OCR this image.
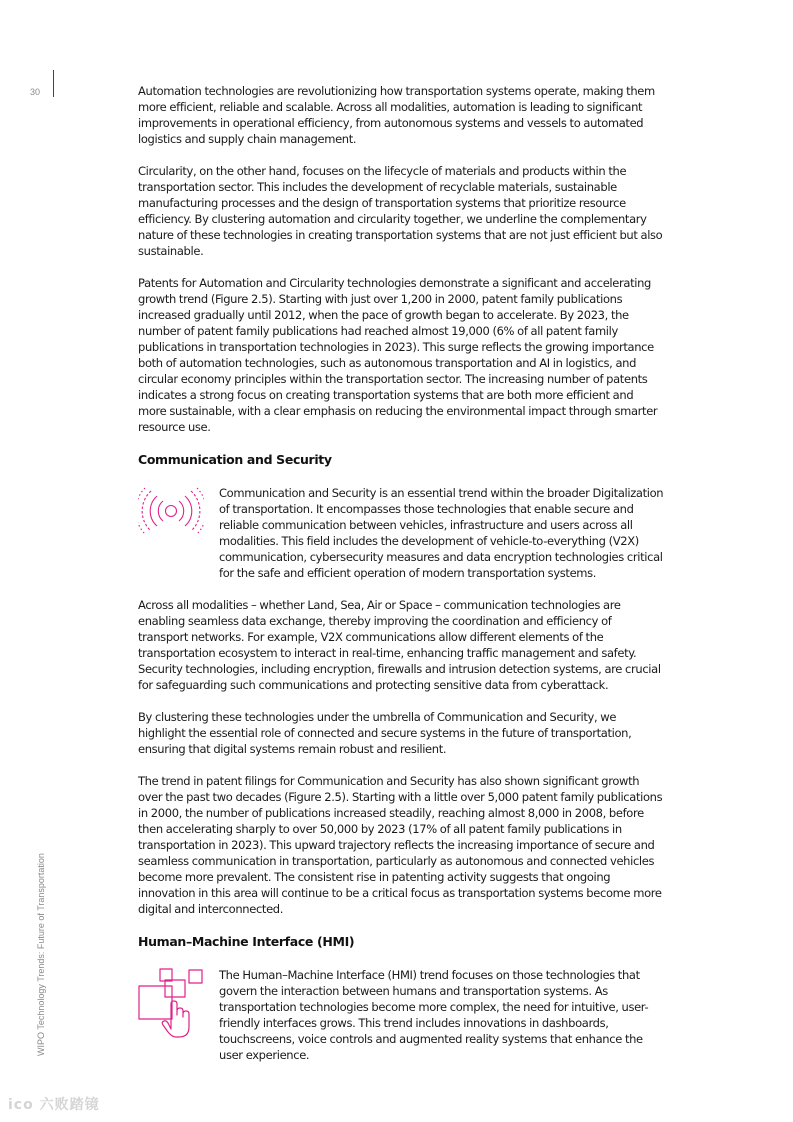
30
WIPO Technology Trends: Future of Transportation

Automation technologies are revolutionizing how transportation systems operate, making them more efficient, reliable and scalable. Across all modalities, automation is leading to significant improvements in operational efficiency, from autonomous systems and vessels to automated logistics and supply chain management.

Circularity, on the other hand, focuses on the lifecycle of materials and products within the transportation sector. This includes the development of recyclable materials, sustainable manufacturing processes and the design of transportation systems that prioritize resource efficiency. By clustering automation and circularity together, we underline the complementary nature of these technologies in creating transportation systems that are not just efficient but also sustainable.

Patents for Automation and Circularity technologies demonstrate a significant and accelerating growth trend (Figure 2.5). Starting with just over 1,200 in 2000, patent family publications increased gradually until 2012, when the pace of growth began to accelerate. By 2023, the number of patent family publications had reached almost 19,000 (6% of all patent family publications in transportation technologies in 2023). This surge reflects the growing importance both of automation technologies, such as autonomous transportation and AI in logistics, and circular economy principles within the transportation sector. The increasing number of patents indicates a strong focus on creating transportation systems that are both more efficient and more sustainable, with a clear emphasis on reducing the environmental impact through smarter resource use.

Communication and Security
Communication and Security is an essential trend within the broader Digitalization of transportation. It encompasses those technologies that enable secure and reliable communication between vehicles, infrastructure and users across all modalities. This field includes the development of vehicle-to-everything (V2X) communication, cybersecurity measures and data encryption technologies critical for the safe and efficient operation of modern transportation systems.

Across all modalities – whether Land, Sea, Air or Space – communication technologies are enabling seamless data exchange, thereby improving the coordination and efficiency of transport networks. For example, V2X communications allow different elements of the transportation ecosystem to interact in real-time, enhancing traffic management and safety. Security technologies, including encryption, firewalls and intrusion detection systems, are crucial for safeguarding such communications and protecting sensitive data from cyberattack.

By clustering these technologies under the umbrella of Communication and Security, we highlight the essential role of connected and secure systems in the future of transportation, ensuring that digital systems remain robust and resilient.

The trend in patent filings for Communication and Security has also shown significant growth over the past two decades (Figure 2.5). Starting with a little over 5,000 patent family publications in 2000, the number of publications increased steadily, reaching almost 8,000 in 2008, before then accelerating sharply to over 50,000 by 2023 (17% of all patent family publications in transportation in 2023). This upward trajectory reflects the increasing importance of secure and seamless communication in transportation, particularly as autonomous and connected vehicles become more prevalent. The consistent rise in patenting activity suggests that ongoing innovation in this area will continue to be a critical focus as transportation systems become more digital and interconnected.

Human–Machine Interface (HMI)
The Human–Machine Interface (HMI) trend focuses on those technologies that govern the interaction between humans and transportation systems. As transportation technologies become more complex, the need for intuitive, user- friendly interfaces grows. This trend includes innovations in dashboards, touchscreens, voice controls and augmented reality systems that enhance the user experience.
ico 六败踏镜
